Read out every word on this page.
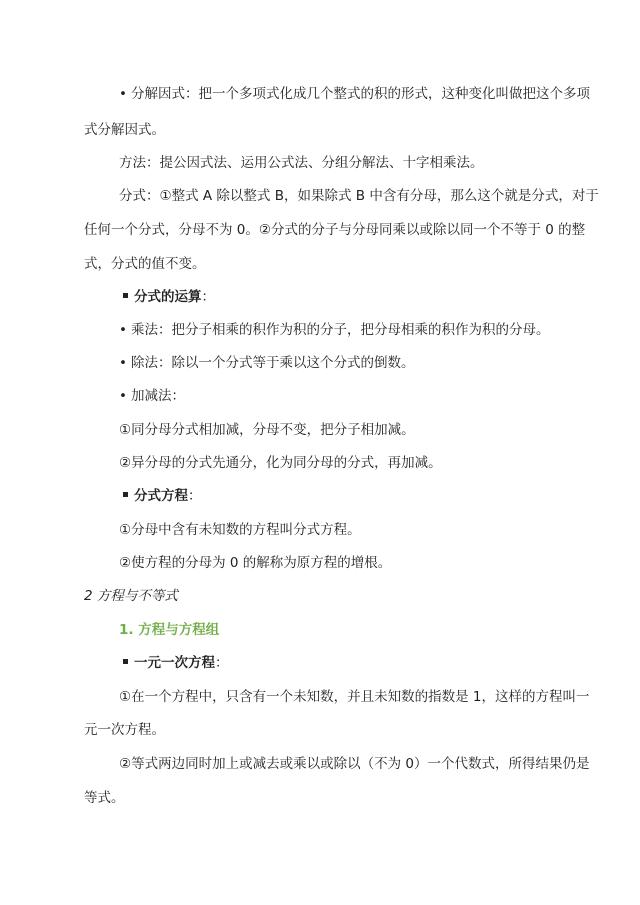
• 分解因式：把一个多项式化成几个整式的积的形式，这种变化叫做把这个多项
式分解因式。
方法：提公因式法、运用公式法、分组分解法、十字相乘法。
分式：①整式 A 除以整式 B，如果除式 B 中含有分母，那么这个就是分式，对于
任何一个分式，分母不为 0。②分式的分子与分母同乘以或除以同一个不等于 0 的整
式，分式的值不变。
分式的运算：
• 乘法：把分子相乘的积作为积的分子，把分母相乘的积作为积的分母。
• 除法：除以一个分式等于乘以这个分式的倒数。
• 加减法：
①同分母分式相加减，分母不变，把分子相加减。
②异分母的分式先通分，化为同分母的分式，再加减。
分式方程：
①分母中含有未知数的方程叫分式方程。
②使方程的分母为 0 的解称为原方程的增根。
2 方程与不等式
1. 方程与方程组
一元一次方程：
①在一个方程中，只含有一个未知数，并且未知数的指数是 1，这样的方程叫一
元一次方程。
②等式两边同时加上或减去或乘以或除以（不为 0）一个代数式，所得结果仍是
等式。
